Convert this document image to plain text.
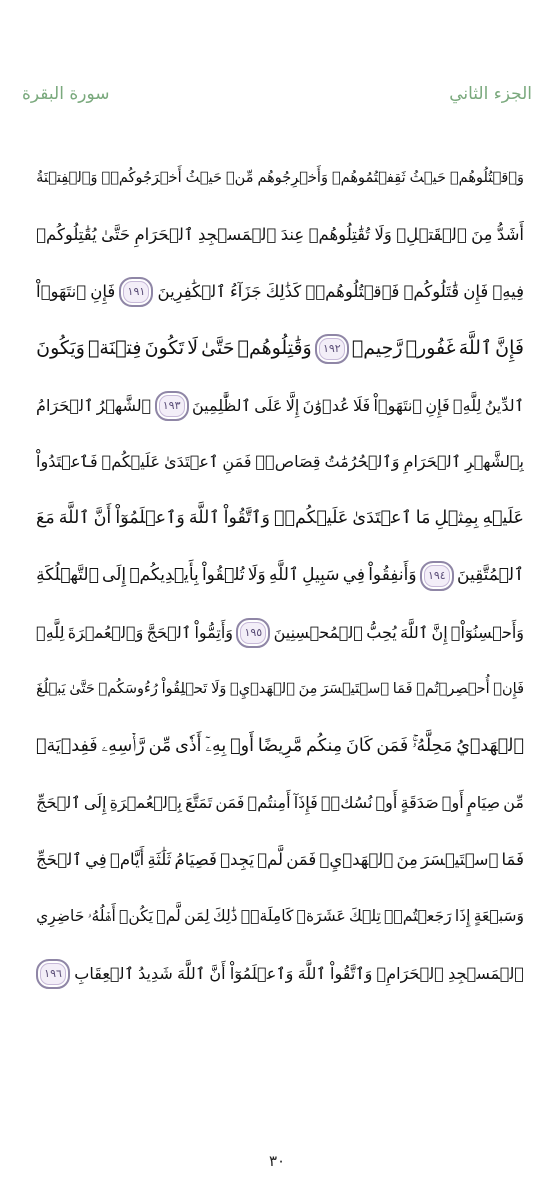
الجزء الثاني
سورة البقرة
وَٱقۡتُلُوهُمۡ
حَيۡثُ
ثَقِفۡتُمُوهُمۡ
وَأَخۡرِجُوهُم
مِّنۡ
حَيۡثُ
أَخۡرَجُوكُمۡۚ
وَٱلۡفِتۡنَةُ
أَشَدُّ
مِنَ
ٱلۡقَتۡلِۚ
وَلَا
تُقَٰتِلُوهُمۡ
عِندَ
ٱلۡمَسۡجِدِ
ٱلۡحَرَامِ
حَتَّىٰ
يُقَٰتِلُوكُمۡ
فِيهِۖ
فَإِن
قَٰتَلُوكُمۡ
فَٱقۡتُلُوهُمۡۗ
كَذَٰلِكَ
جَزَآءُ
ٱلۡكَٰفِرِينَ
١٩١
فَإِنِ
ٱنتَهَوۡاْ
فَإِنَّ
ٱللَّهَ
غَفُورٞ
رَّحِيمٞ
١٩٢
وَقَٰتِلُوهُمۡ
حَتَّىٰ
لَا
تَكُونَ
فِتۡنَةٞ
وَيَكُونَ
ٱلدِّينُ
لِلَّهِۖ
فَإِنِ
ٱنتَهَوۡاْ
فَلَا
عُدۡوَٰنَ
إِلَّا
عَلَى
ٱلظَّٰلِمِينَ
١٩٣
ٱلشَّهۡرُ
ٱلۡحَرَامُ
بِٱلشَّهۡرِ
ٱلۡحَرَامِ
وَٱلۡحُرُمَٰتُ
قِصَاصٞۚ
فَمَنِ
ٱعۡتَدَىٰ
عَلَيۡكُمۡ
فَٱعۡتَدُواْ
عَلَيۡهِ
بِمِثۡلِ
مَا
ٱعۡتَدَىٰ
عَلَيۡكُمۡۚ
وَٱتَّقُواْ
ٱللَّهَ
وَٱعۡلَمُوٓاْ
أَنَّ
ٱللَّهَ
مَعَ
ٱلۡمُتَّقِينَ
١٩٤
وَأَنفِقُواْ
فِي
سَبِيلِ
ٱللَّهِ
وَلَا
تُلۡقُواْ
بِأَيۡدِيكُمۡ
إِلَى
ٱلتَّهۡلُكَةِ
وَأَحۡسِنُوٓاْۚ
إِنَّ
ٱللَّهَ
يُحِبُّ
ٱلۡمُحۡسِنِينَ
١٩٥
وَأَتِمُّواْ
ٱلۡحَجَّ
وَٱلۡعُمۡرَةَ
لِلَّهِۚ
فَإِنۡ
أُحۡصِرۡتُمۡ
فَمَا
ٱسۡتَيۡسَرَ
مِنَ
ٱلۡهَدۡيِۖ
وَلَا
تَحۡلِقُواْ
رُءُوسَكُمۡ
حَتَّىٰ
يَبۡلُغَ
ٱلۡهَدۡيُ
مَحِلَّهُۥۚ
فَمَن
كَانَ
مِنكُم
مَّرِيضًا
أَوۡ
بِهِۦٓ
أَذٗى
مِّن
رَّأۡسِهِۦ
فَفِدۡيَةٞ
مِّن
صِيَامٍ
أَوۡ
صَدَقَةٍ
أَوۡ
نُسُكٖۚ
فَإِذَآ
أَمِنتُمۡ
فَمَن
تَمَتَّعَ
بِٱلۡعُمۡرَةِ
إِلَى
ٱلۡحَجِّ
فَمَا
ٱسۡتَيۡسَرَ
مِنَ
ٱلۡهَدۡيِۚ
فَمَن
لَّمۡ
يَجِدۡ
فَصِيَامُ
ثَلَٰثَةِ
أَيَّامٖ
فِي
ٱلۡحَجِّ
وَسَبۡعَةٍ
إِذَا
رَجَعۡتُمۡۗ
تِلۡكَ
عَشَرَةٞ
كَامِلَةٞۗ
ذَٰلِكَ
لِمَن
لَّمۡ
يَكُنۡ
أَهۡلُهُۥ
حَاضِرِي
ٱلۡمَسۡجِدِ
ٱلۡحَرَامِۚ
وَٱتَّقُواْ
ٱللَّهَ
وَٱعۡلَمُوٓاْ
أَنَّ
ٱللَّهَ
شَدِيدُ
ٱلۡعِقَابِ
١٩٦
٣٠
